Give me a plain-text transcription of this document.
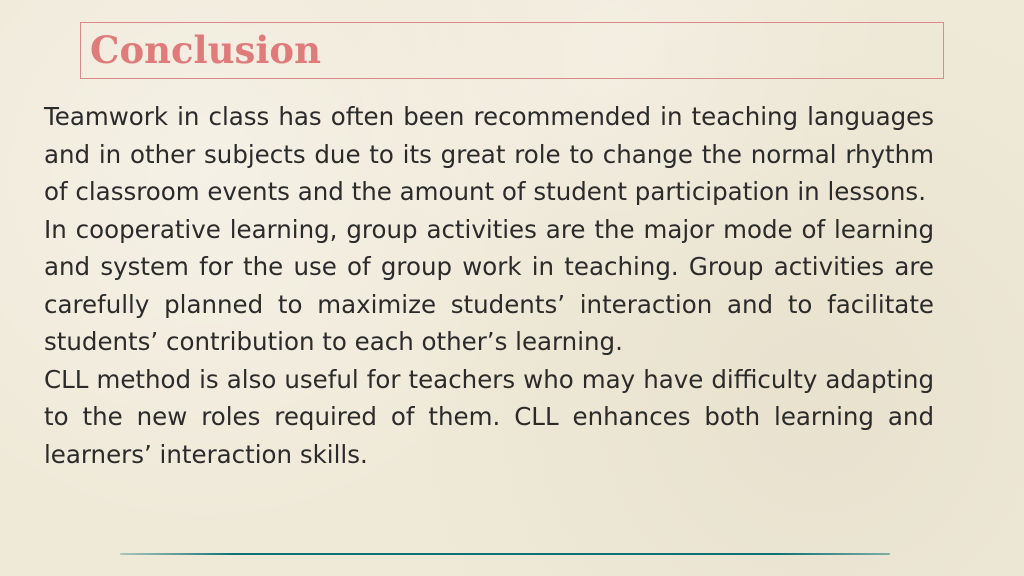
Conclusion

Teamwork in class has often been recommended in teaching languages and in other subjects due to its great role to change the normal rhythm of classroom events and the amount of student participation in lessons.

In cooperative learning, group activities are the major mode of learning and system for the use of group work in teaching. Group activities are carefully planned to maximize students’ interaction and to facilitate students’ contribution to each other’s learning.

CLL method is also useful for teachers who may have difficulty adapting to the new roles required of them. CLL enhances both learning and learners’ interaction skills.
